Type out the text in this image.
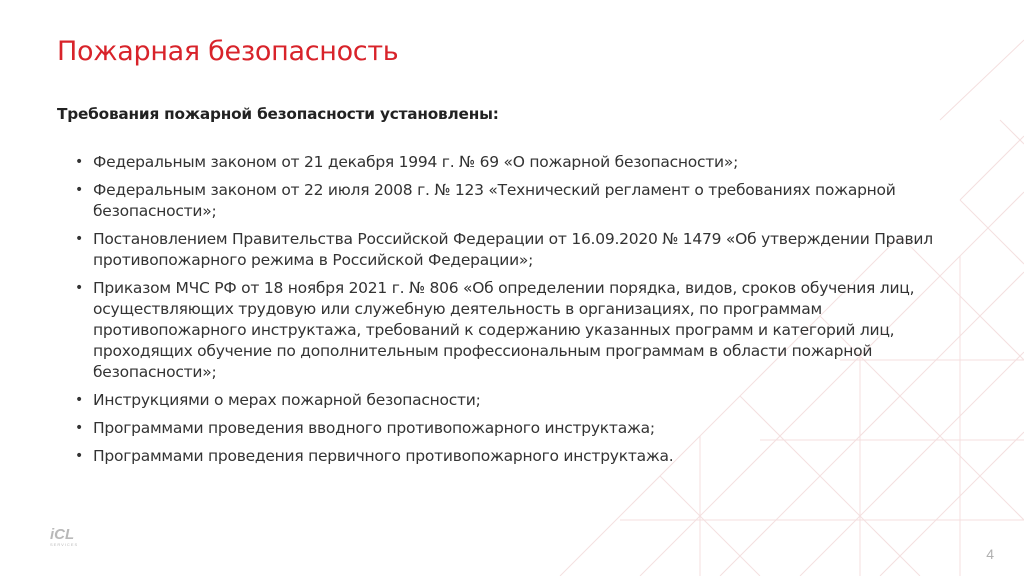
Пожарная безопасность

Требования пожарной безопасности установлены:

• Федеральным законом от 21 декабря 1994 г. № 69 «О пожарной безопасности»;
• Федеральным законом от 22 июля 2008 г. № 123 «Технический регламент о требованиях пожарной безопасности»;
• Постановлением Правительства Российской Федерации от 16.09.2020 № 1479 «Об утверждении Правил противопожарного режима в Российской Федерации»;
• Приказом МЧС РФ от 18 ноября 2021 г. № 806 «Об определении порядка, видов, сроков обучения лиц, осуществляющих трудовую или служебную деятельность в организациях, по программам противопожарного инструктажа, требований к содержанию указанных программ и категорий лиц, проходящих обучение по дополнительным профессиональным программам в области пожарной безопасности»;
• Инструкциями о мерах пожарной безопасности;
• Программами проведения вводного противопожарного инструктажа;
• Программами проведения первичного противопожарного инструктажа.
iCL
SERVICES
4
